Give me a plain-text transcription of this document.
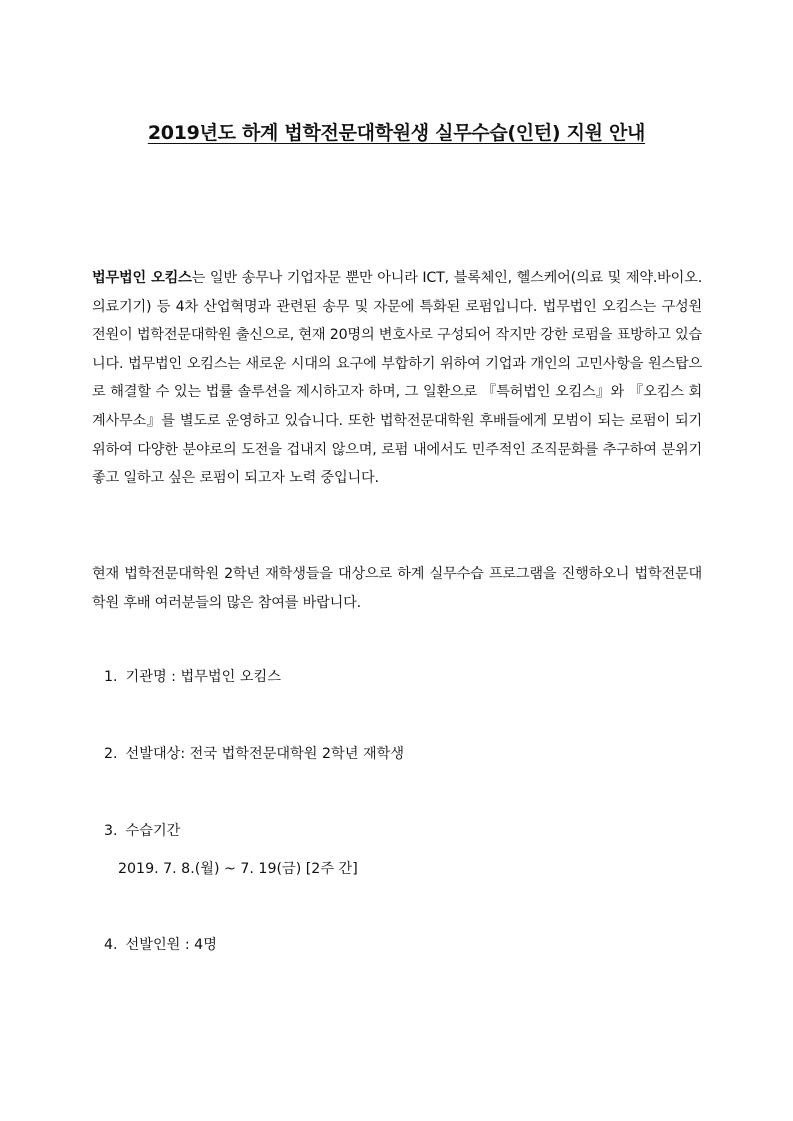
2019년도 하계 법학전문대학원생 실무수습(인턴) 지원 안내

법무법인 오킴스는 일반 송무나 기업자문 뿐만 아니라 ICT, 블록체인, 헬스케어(의료 및 제약.바이오.의료기기) 등 4차 산업혁명과 관련된 송무 및 자문에 특화된 로펌입니다. 법무법인 오킴스는 구성원 전원이 법학전문대학원 출신으로, 현재 20명의 변호사로 구성되어 작지만 강한 로펌을 표방하고 있습니다. 법무법인 오킴스는 새로운 시대의 요구에 부합하기 위하여 기업과 개인의 고민사항을 원스탑으로 해결할 수 있는 법률 솔루션을 제시하고자 하며, 그 일환으로 『특허법인 오킴스』와 『오킴스 회계사무소』를 별도로 운영하고 있습니다. 또한 법학전문대학원 후배들에게 모범이 되는 로펌이 되기 위하여 다양한 분야로의 도전을 겁내지 않으며, 로펌 내에서도 민주적인 조직문화를 추구하여 분위기 좋고 일하고 싶은 로펌이 되고자 노력 중입니다.

현재 법학전문대학원 2학년 재학생들을 대상으로 하계 실무수습 프로그램을 진행하오니 법학전문대학원 후배 여러분들의 많은 참여를 바랍니다.

1. 기관명 : 법무법인 오킴스
2. 선발대상: 전국 법학전문대학원 2학년 재학생
3. 수습기간
2019. 7. 8.(월) ~ 7. 19(금) [2주 간]
4. 선발인원 : 4명
